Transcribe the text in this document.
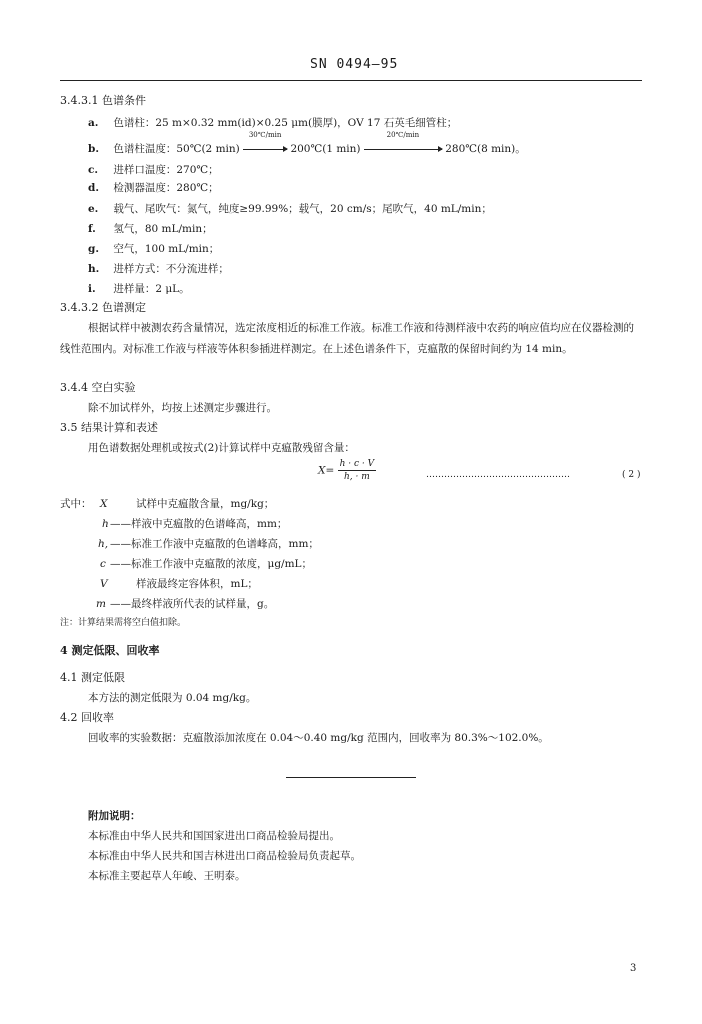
SN 0494—95
3.4.3.1 色谱条件
a. 色谱柱：25 m×0.32 mm(id)×0.25 μm(膜厚)，OV 17 石英毛细管柱；
b. 色谱柱温度：50℃(2 min)
30℃/min
200℃(1 min)
20℃/min
280℃(8 min)。
c. 进样口温度：270℃；
d. 检测器温度：280℃；
e. 载气、尾吹气：氮气，纯度≥99.99%；载气，20 cm/s；尾吹气，40 mL/min；
f. 氢气，80 mL/min；
g. 空气，100 mL/min；
h. 进样方式：不分流进样；
i. 进样量：2 μL。
3.4.3.2 色谱测定
根据试样中被测农药含量情况，选定浓度相近的标准工作液。标准工作液和待测样液中农药的响应值均应在仪器检测的线性范围内。对标准工作液与样液等体积参插进样测定。在上述色谱条件下，克瘟散的保留时间约为 14 min。
3.4.4 空白实验
除不加试样外，均按上述测定步骤进行。
3.5 结果计算和表述
用色谱数据处理机或按式(2)计算试样中克瘟散残留含量：
$X= \frac{h \cdot c \cdot V}{h, \cdot m}$	…………………………………………	( 2 )
式中： X	试样中克瘟散含量，mg/kg；
h ——样液中克瘟散的色谱峰高，mm；
h, ——标准工作液中克瘟散的色谱峰高，mm；
c ——标准工作液中克瘟散的浓度，μg/mL；
V	样液最终定容体积，mL；
m ——最终样液所代表的试样量，g。
注：计算结果需将空白值扣除。
4 测定低限、回收率
4.1 测定低限
本方法的测定低限为 0.04 mg/kg。
4.2 回收率
回收率的实验数据：克瘟散添加浓度在 0.04～0.40 mg/kg 范围内，回收率为 80.3%～102.0%。
附加说明：
本标准由中华人民共和国国家进出口商品检验局提出。
本标准由中华人民共和国吉林进出口商品检验局负责起草。
本标准主要起草人年峻、王明泰。
3
